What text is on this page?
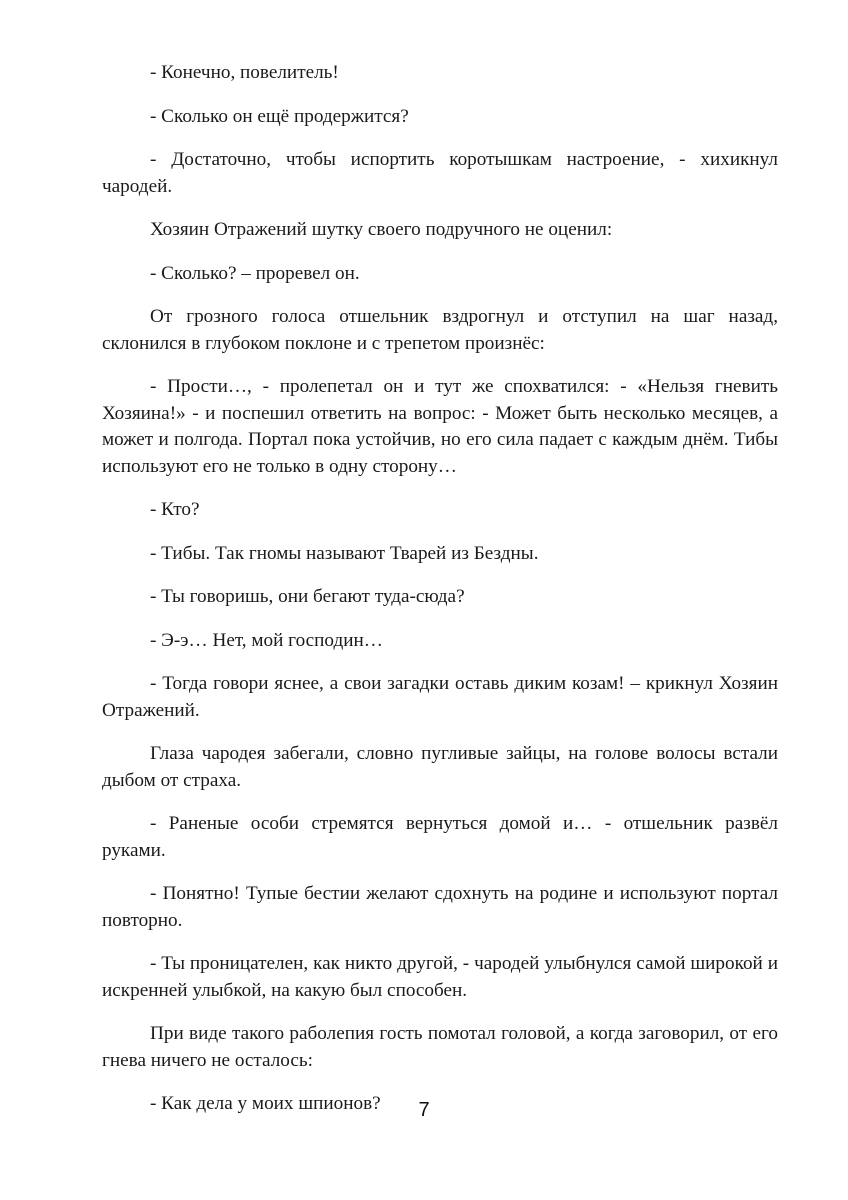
- Конечно, повелитель!

- Сколько он ещё продержится?

- Достаточно, чтобы испортить коротышкам настроение, - хихикнул чародей.

Хозяин Отражений шутку своего подручного не оценил:

- Сколько? – проревел он.

От грозного голоса отшельник вздрогнул и отступил на шаг назад, склонился в глубоком поклоне и с трепетом произнёс:

- Прости…, - пролепетал он и тут же спохватился: - «Нельзя гневить Хозяина!» - и поспешил ответить на вопрос: - Может быть несколько месяцев, а может и полгода. Портал пока устойчив, но его сила падает с каждым днём. Тибы используют его не только в одну сторону…

- Кто?

- Тибы. Так гномы называют Тварей из Бездны.

- Ты говоришь, они бегают туда-сюда?

- Э-э… Нет, мой господин…

- Тогда говори яснее, а свои загадки оставь диким козам! – крикнул Хозяин Отражений.

Глаза чародея забегали, словно пугливые зайцы, на голове волосы встали дыбом от страха.

- Раненые особи стремятся вернуться домой и… - отшельник развёл руками.

- Понятно! Тупые бестии желают сдохнуть на родине и используют портал повторно.

- Ты проницателен, как никто другой, - чародей улыбнулся самой широкой и искренней улыбкой, на какую был способен.

При виде такого раболепия гость помотал головой, а когда заговорил, от его гнева ничего не осталось:

- Как дела у моих шпионов?	7
